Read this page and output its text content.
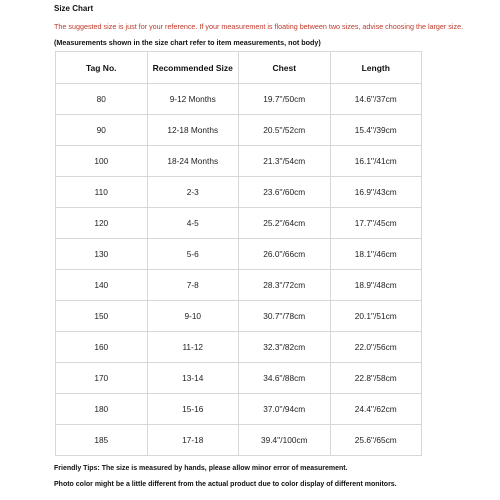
Size Chart
The suggested size is just for your reference. If your measurement is floating between two sizes, advise choosing the larger size.
(Measurements shown in the size chart refer to item measurements, not body)
Tag No.	Recommended Size	Chest	Length
80	9-12 Months	19.7''/50cm	14.6''/37cm
90	12-18 Months	20.5''/52cm	15.4''/39cm
100	18-24 Months	21.3''/54cm	16.1''/41cm
110	2-3	23.6''/60cm	16.9''/43cm
120	4-5	25.2''/64cm	17.7''/45cm
130	5-6	26.0''/66cm	18.1''/46cm
140	7-8	28.3''/72cm	18.9''/48cm
150	9-10	30.7''/78cm	20.1''/51cm
160	11-12	32.3''/82cm	22.0''/56cm
170	13-14	34.6''/88cm	22.8''/58cm
180	15-16	37.0''/94cm	24.4''/62cm
185	17-18	39.4''/100cm	25.6''/65cm
Friendly Tips: The size is measured by hands, please allow minor error of measurement.
Photo color might be a little different from the actual product due to color display of different monitors.
